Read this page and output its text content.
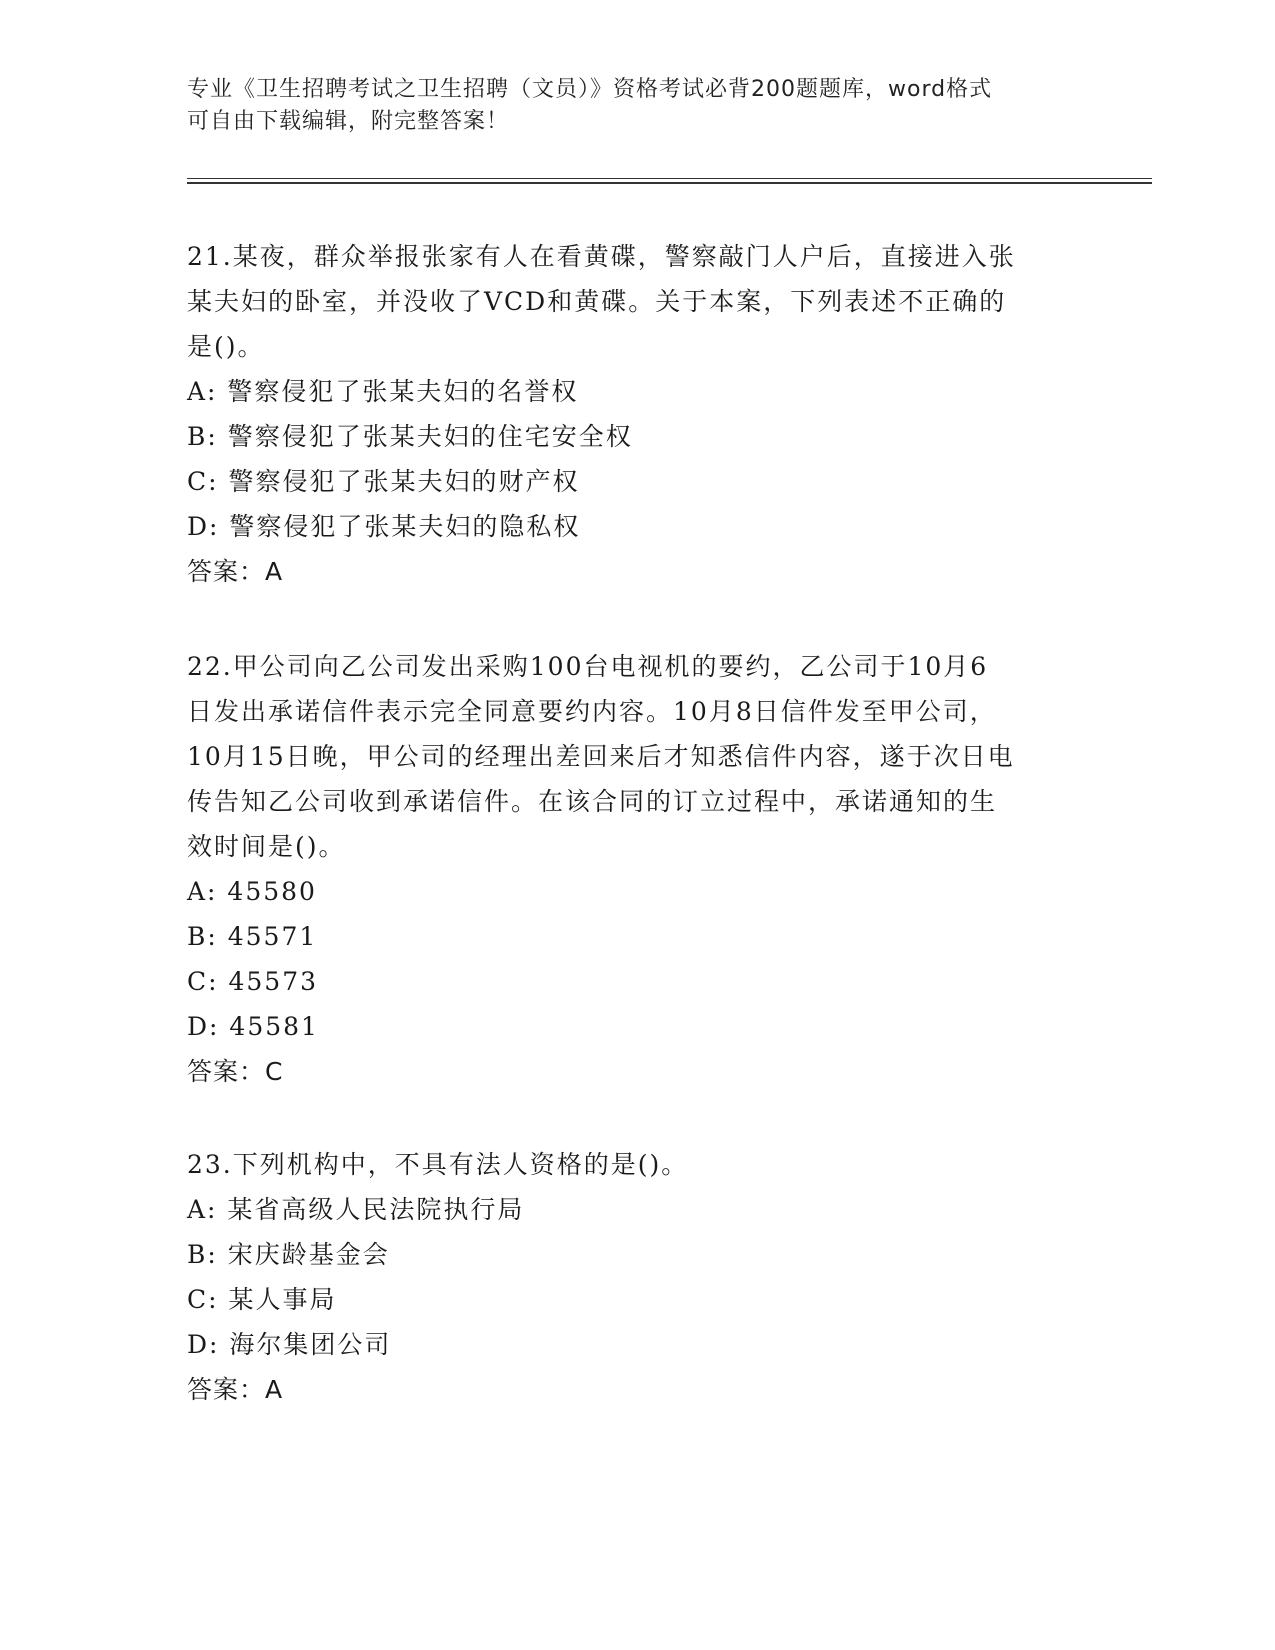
专业《卫生招聘考试之卫生招聘（文员）》资格考试必背200题题库，word格式
可自由下载编辑，附完整答案！
21.某夜，群众举报张家有人在看黄碟，警察敲门人户后，直接进入张
某夫妇的卧室，并没收了VCD和黄碟。关于本案，下列表述不正确的
是()。
A: 警察侵犯了张某夫妇的名誉权
B: 警察侵犯了张某夫妇的住宅安全权
C: 警察侵犯了张某夫妇的财产权
D: 警察侵犯了张某夫妇的隐私权
答案：A
22.甲公司向乙公司发出采购100台电视机的要约，乙公司于10月6
日发出承诺信件表示完全同意要约内容。10月8日信件发至甲公司，
10月15日晚，甲公司的经理出差回来后才知悉信件内容，遂于次日电
传告知乙公司收到承诺信件。在该合同的订立过程中，承诺通知的生
效时间是()。
A: 45580
B: 45571
C: 45573
D: 45581
答案：C
23.下列机构中，不具有法人资格的是()。
A: 某省高级人民法院执行局
B: 宋庆龄基金会
C: 某人事局
D: 海尔集团公司
答案：A
